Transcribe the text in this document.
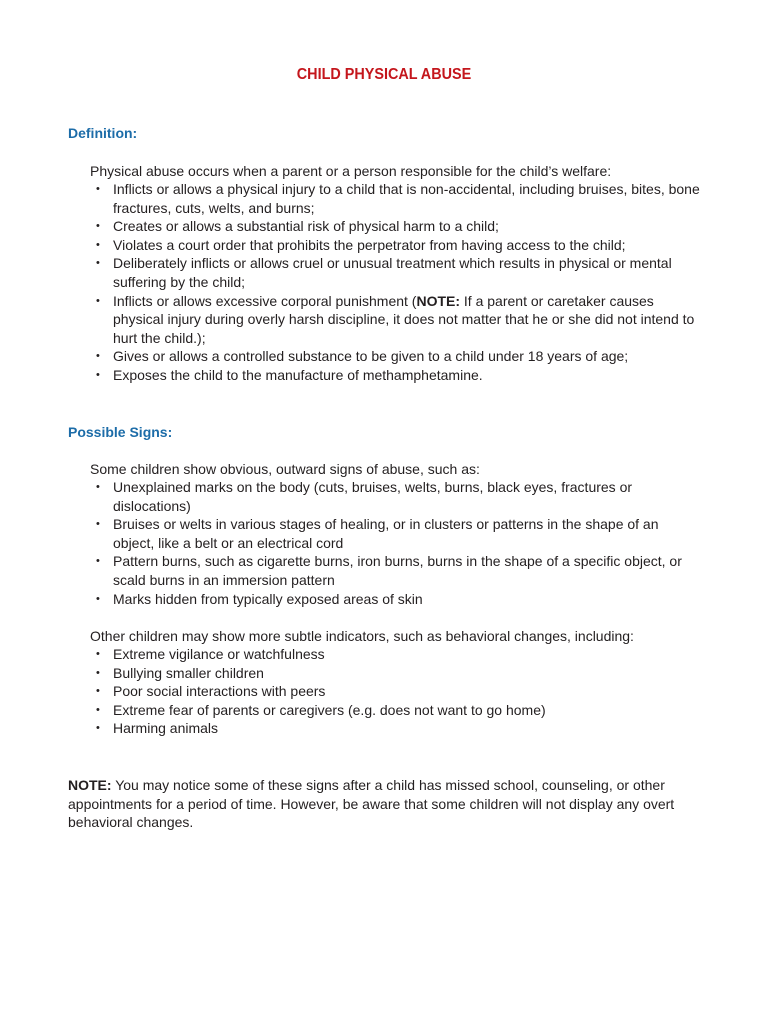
CHILD PHYSICAL ABUSE
Definition:
Physical abuse occurs when a parent or a person responsible for the child’s welfare:
• Inflicts or allows a physical injury to a child that is non-accidental, including bruises, bites, bone fractures, cuts, welts, and burns;
• Creates or allows a substantial risk of physical harm to a child;
• Violates a court order that prohibits the perpetrator from having access to the child;
• Deliberately inflicts or allows cruel or unusual treatment which results in physical or mental suffering by the child;
• Inflicts or allows excessive corporal punishment (NOTE: If a parent or caretaker causes physical injury during overly harsh discipline, it does not matter that he or she did not intend to hurt the child.);
• Gives or allows a controlled substance to be given to a child under 18 years of age;
• Exposes the child to the manufacture of methamphetamine.
Possible Signs:
Some children show obvious, outward signs of abuse, such as:
• Unexplained marks on the body (cuts, bruises, welts, burns, black eyes, fractures or dislocations)
• Bruises or welts in various stages of healing, or in clusters or patterns in the shape of an object, like a belt or an electrical cord
• Pattern burns, such as cigarette burns, iron burns, burns in the shape of a specific object, or scald burns in an immersion pattern
• Marks hidden from typically exposed areas of skin
Other children may show more subtle indicators, such as behavioral changes, including:
• Extreme vigilance or watchfulness
• Bullying smaller children
• Poor social interactions with peers
• Extreme fear of parents or caregivers (e.g. does not want to go home)
• Harming animals
NOTE: You may notice some of these signs after a child has missed school, counseling, or other appointments for a period of time. However, be aware that some children will not display any overt behavioral changes.
